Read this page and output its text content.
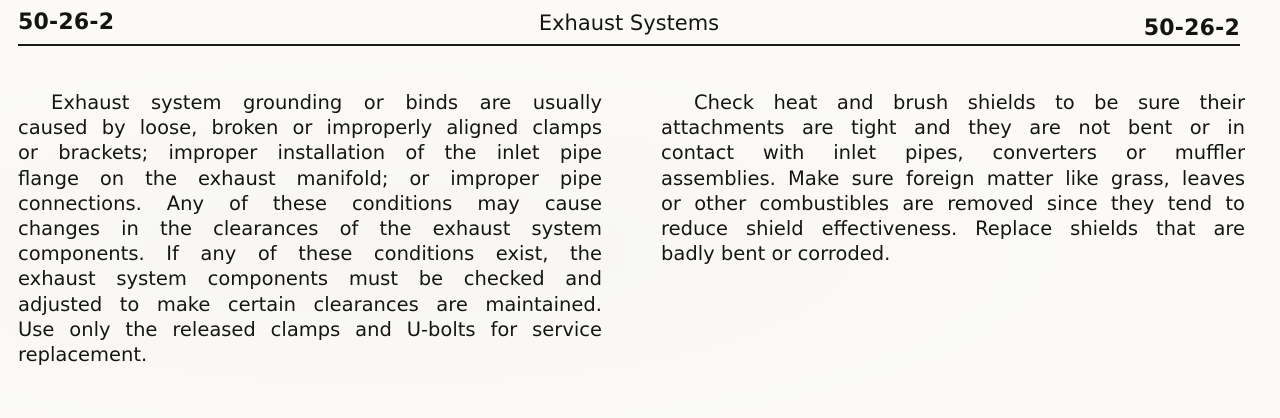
50-26-2	Exhaust Systems	50-26-2
Exhaust system grounding or binds are usually
caused by loose, broken or improperly aligned clamps
or brackets; improper installation of the inlet pipe
flange on the exhaust manifold; or improper pipe
connections. Any of these conditions may cause
changes in the clearances of the exhaust system
components. If any of these conditions exist, the
exhaust system components must be checked and
adjusted to make certain clearances are maintained.
Use only the released clamps and U-bolts for service
replacement.
Check heat and brush shields to be sure their
attachments are tight and they are not bent or in
contact with inlet pipes, converters or muffler
assemblies. Make sure foreign matter like grass, leaves
or other combustibles are removed since they tend to
reduce shield effectiveness. Replace shields that are
badly bent or corroded.
